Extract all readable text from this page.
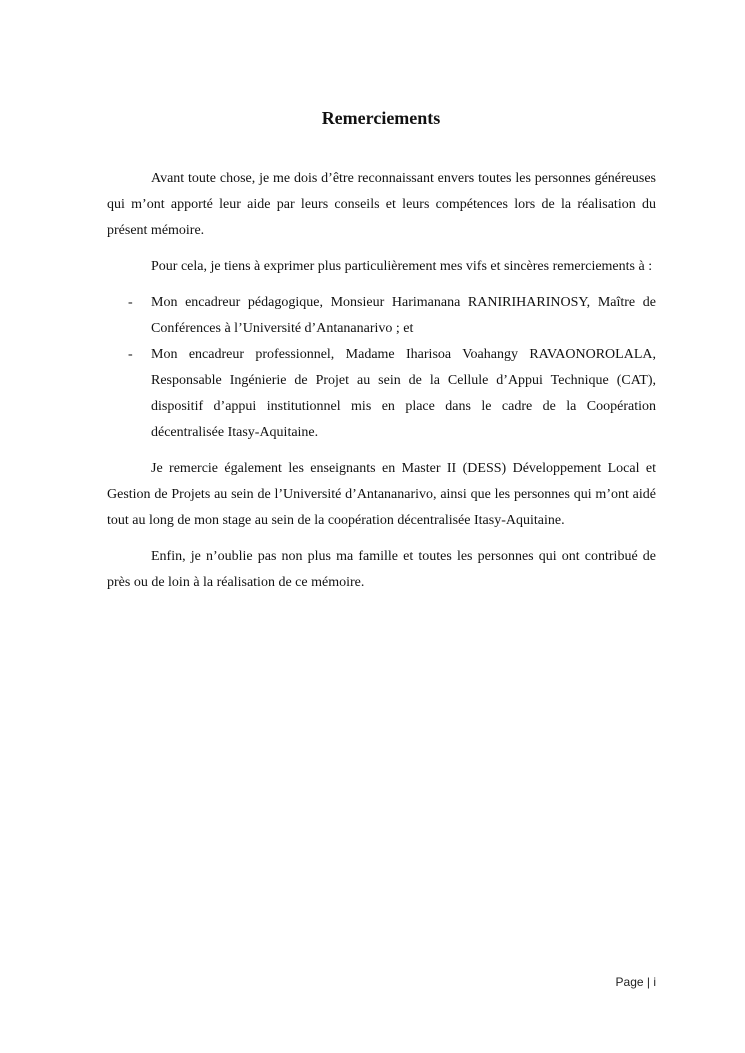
Remerciements

Avant toute chose, je me dois d’être reconnaissant envers toutes les personnes généreuses qui m’ont apporté leur aide par leurs conseils et leurs compétences lors de la réalisation du présent mémoire.

Pour cela, je tiens à exprimer plus particulièrement mes vifs et sincères remerciements à :

- Mon encadreur pédagogique, Monsieur Harimanana RANIRIHARINOSY, Maître de Conférences à l’Université d’Antananarivo ; et
- Mon encadreur professionnel, Madame Iharisoa Voahangy RAVAONOROLALA, Responsable Ingénierie de Projet au sein de la Cellule d’Appui Technique (CAT), dispositif d’appui institutionnel mis en place dans le cadre de la Coopération décentralisée Itasy-Aquitaine.

Je remercie également les enseignants en Master II (DESS) Développement Local et Gestion de Projets au sein de l’Université d’Antananarivo, ainsi que les personnes qui m’ont aidé tout au long de mon stage au sein de la coopération décentralisée Itasy-Aquitaine.

Enfin, je n’oublie pas non plus ma famille et toutes les personnes qui ont contribué de près ou de loin à la réalisation de ce mémoire.

Page | i
